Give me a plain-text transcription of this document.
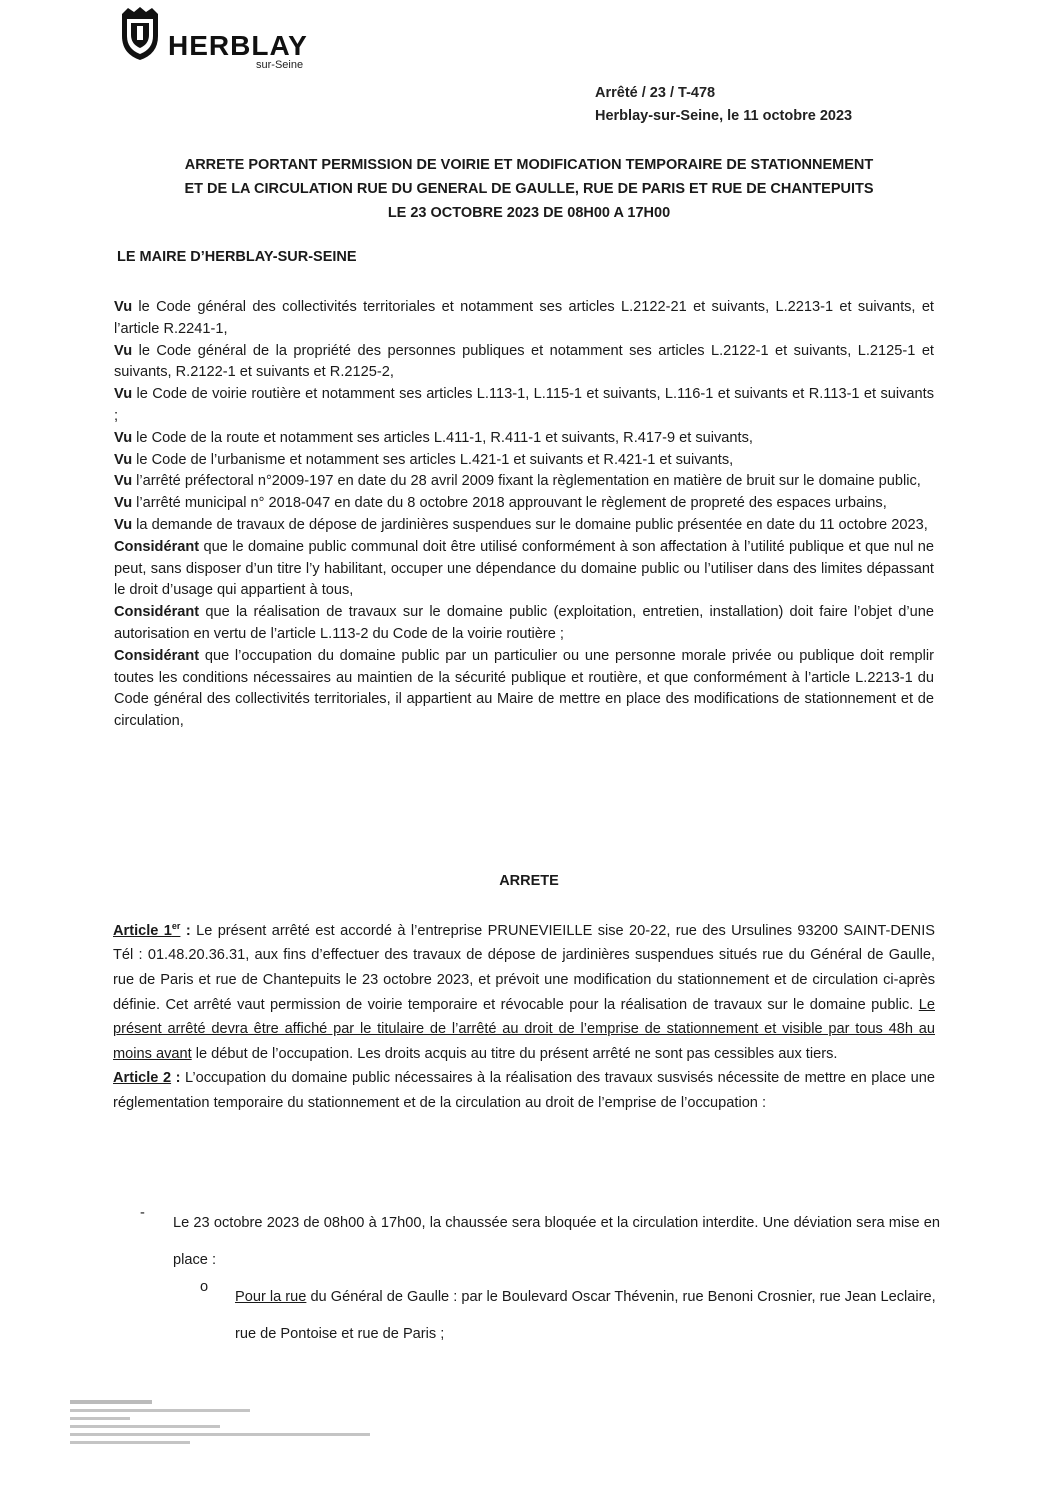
HERBLAY
sur-Seine
Arrêté / 23 / T-478
Herblay-sur-Seine, le 11 octobre 2023
ARRETE PORTANT PERMISSION DE VOIRIE ET MODIFICATION TEMPORAIRE DE STATIONNEMENT
ET DE LA CIRCULATION RUE DU GENERAL DE GAULLE, RUE DE PARIS ET RUE DE CHANTEPUITS
LE 23 OCTOBRE 2023 DE 08H00 A 17H00
LE MAIRE D’HERBLAY-SUR-SEINE

Vu le Code général des collectivités territoriales et notamment ses articles L.2122-21 et suivants, L.2213-1 et suivants, et l’article R.2241-1,

Vu le Code général de la propriété des personnes publiques et notamment ses articles L.2122-1 et suivants, L.2125-1 et suivants, R.2122-1 et suivants et R.2125-2,

Vu le Code de voirie routière et notamment ses articles L.113-1, L.115-1 et suivants, L.116-1 et suivants et R.113-1 et suivants ;

Vu le Code de la route et notamment ses articles L.411-1, R.411-1 et suivants, R.417-9 et suivants,

Vu le Code de l’urbanisme et notamment ses articles L.421-1 et suivants et R.421-1 et suivants,

Vu l’arrêté préfectoral n°2009-197 en date du 28 avril 2009 fixant la règlementation en matière de bruit sur le domaine public,

Vu l’arrêté municipal n° 2018-047 en date du 8 octobre 2018 approuvant le règlement de propreté des espaces urbains,

Vu la demande de travaux de dépose de jardinières suspendues sur le domaine public présentée en date du 11 octobre 2023,

Considérant que le domaine public communal doit être utilisé conformément à son affectation à l’utilité publique et que nul ne peut, sans disposer d’un titre l’y habilitant, occuper une dépendance du domaine public ou l’utiliser dans des limites dépassant le droit d’usage qui appartient à tous,

Considérant que la réalisation de travaux sur le domaine public (exploitation, entretien, installation) doit faire l’objet d’une autorisation en vertu de l’article L.113-2 du Code de la voirie routière ;

Considérant que l’occupation du domaine public par un particulier ou une personne morale privée ou publique doit remplir toutes les conditions nécessaires au maintien de la sécurité publique et routière, et que conformément à l’article L.2213-1 du Code général des collectivités territoriales, il appartient au Maire de mettre en place des modifications de stationnement et de circulation,

ARRETE

Article 1er : Le présent arrêté est accordé à l’entreprise PRUNEVIEILLE sise 20-22, rue des Ursulines 93200 SAINT-DENIS Tél : 01.48.20.36.31, aux fins d’effectuer des travaux de dépose de jardinières suspendues situés rue du Général de Gaulle, rue de Paris et rue de Chantepuits le 23 octobre 2023, et prévoit une modification du stationnement et de circulation ci-après définie. Cet arrêté vaut permission de voirie temporaire et révocable pour la réalisation de travaux sur le domaine public. Le présent arrêté devra être affiché par le titulaire de l’arrêté au droit de l’emprise de stationnement et visible par tous 48h au moins avant le début de l’occupation. Les droits acquis au titre du présent arrêté ne sont pas cessibles aux tiers.

Article 2 : L’occupation du domaine public nécessaires à la réalisation des travaux susvisés nécessite de mettre en place une réglementation temporaire du stationnement et de la circulation au droit de l’emprise de l’occupation :

-
Le 23 octobre 2023 de 08h00 à 17h00, la chaussée sera bloquée et la circulation interdite. Une déviation sera mise en place :
o
Pour la rue du Général de Gaulle : par le Boulevard Oscar Thévenin, rue Benoni Crosnier, rue Jean Leclaire, rue de Pontoise et rue de Paris ;
